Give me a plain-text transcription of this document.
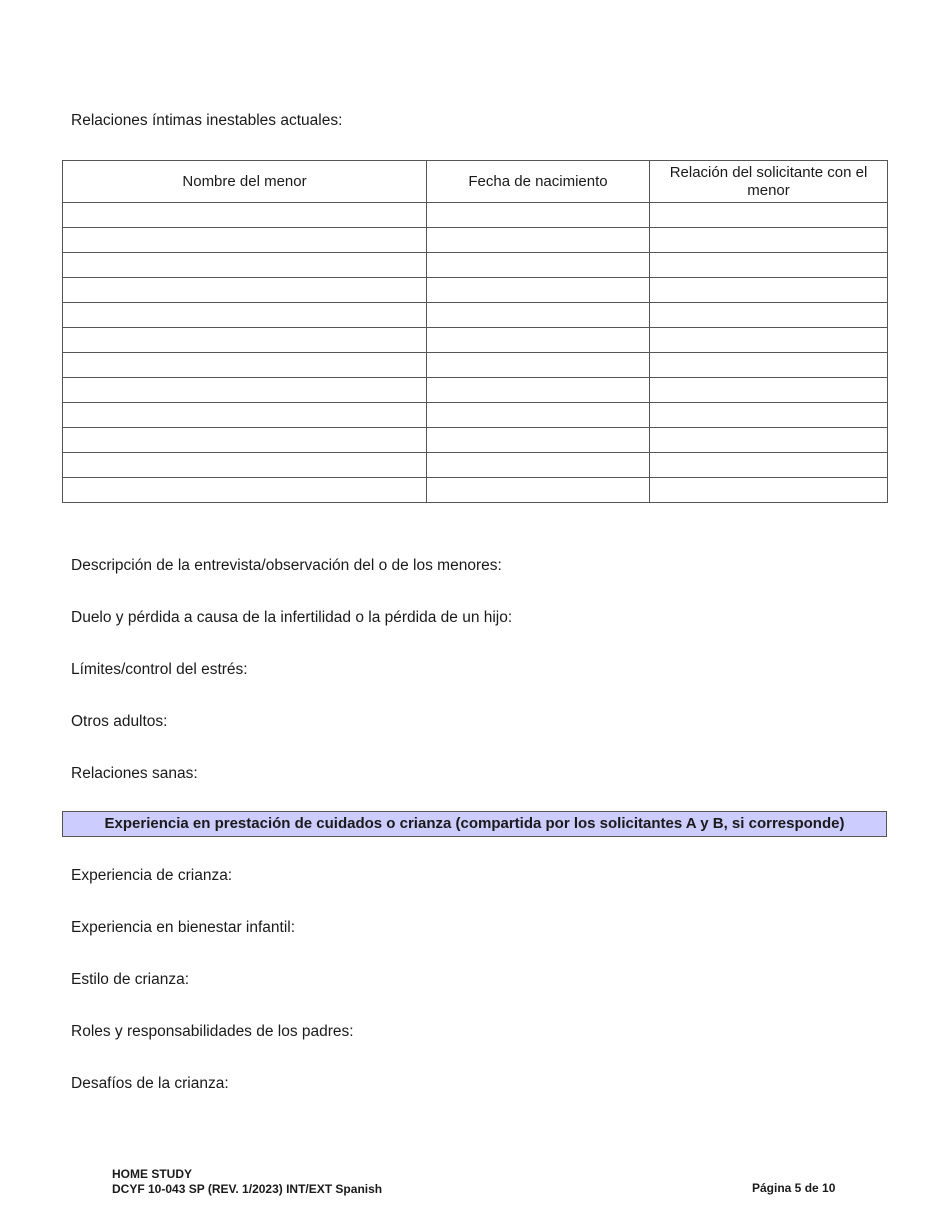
Relaciones íntimas inestables actuales:
Nombre del menor	Fecha de nacimiento	Relación del solicitante con el menor

Descripción de la entrevista/observación del o de los menores:
Duelo y pérdida a causa de la infertilidad o la pérdida de un hijo:
Límites/control del estrés:
Otros adultos:
Relaciones sanas:
Experiencia en prestación de cuidados o crianza (compartida por los solicitantes A y B, si corresponde)
Experiencia de crianza:
Experiencia en bienestar infantil:
Estilo de crianza:
Roles y responsabilidades de los padres:
Desafíos de la crianza:
HOME STUDY
DCYF 10-043 SP (REV. 1/2023) INT/EXT Spanish	Página 5 de 10
